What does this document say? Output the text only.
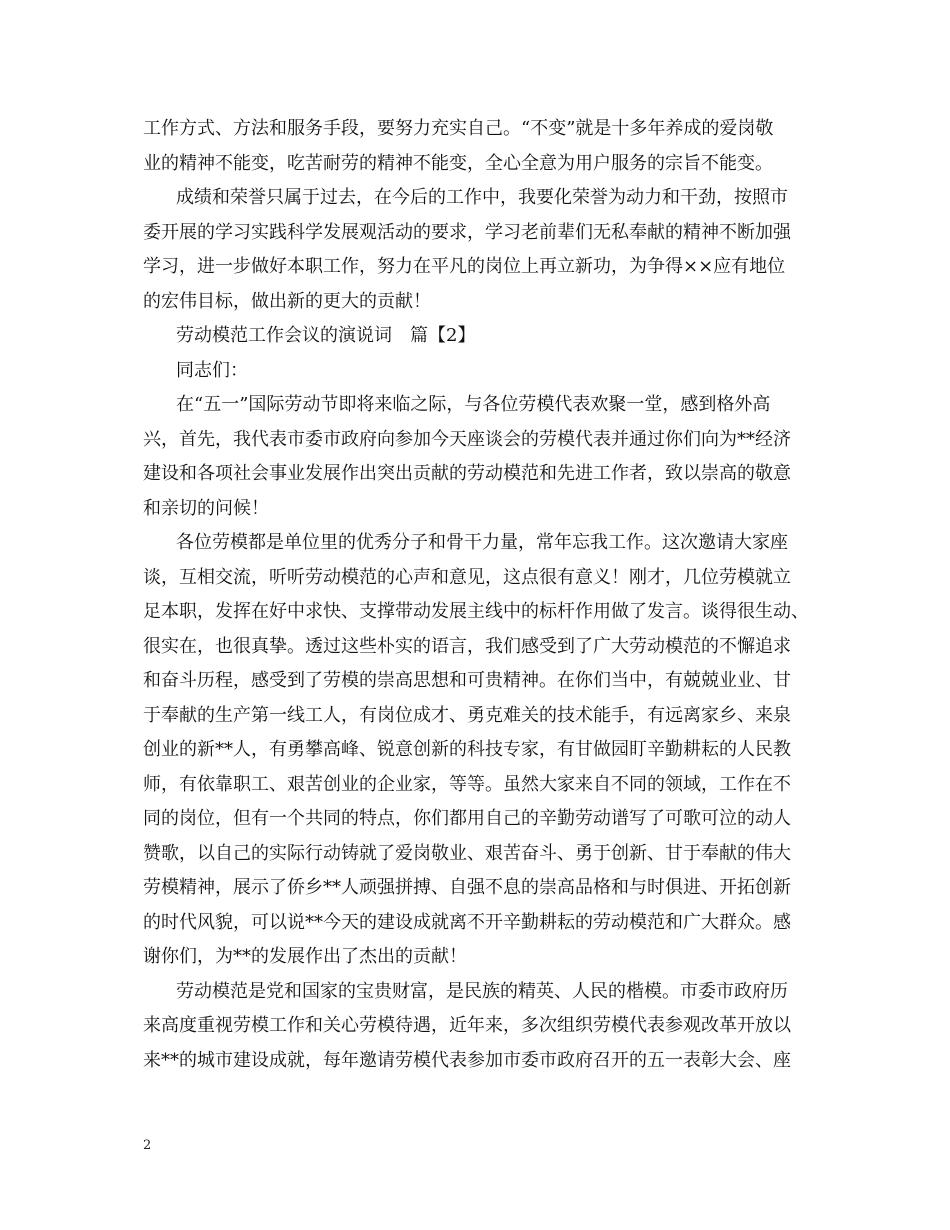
工作方式、方法和服务手段，要努力充实自己。“不变”就是十多年养成的爱岗敬
业的精神不能变，吃苦耐劳的精神不能变，全心全意为用户服务的宗旨不能变。
成绩和荣誉只属于过去，在今后的工作中，我要化荣誉为动力和干劲，按照市
委开展的学习实践科学发展观活动的要求，学习老前辈们无私奉献的精神不断加强
学习，进一步做好本职工作，努力在平凡的岗位上再立新功，为争得××应有地位
的宏伟目标，做出新的更大的贡献！
劳动模范工作会议的演说词　篇【2】
同志们：
在“五一”国际劳动节即将来临之际，与各位劳模代表欢聚一堂，感到格外高
兴，首先，我代表市委市政府向参加今天座谈会的劳模代表并通过你们向为**经济
建设和各项社会事业发展作出突出贡献的劳动模范和先进工作者，致以崇高的敬意
和亲切的问候！
各位劳模都是单位里的优秀分子和骨干力量，常年忘我工作。这次邀请大家座
谈，互相交流，听听劳动模范的心声和意见，这点很有意义！刚才，几位劳模就立
足本职，发挥在好中求快、支撑带动发展主线中的标杆作用做了发言。谈得很生动、
很实在，也很真挚。透过这些朴实的语言，我们感受到了广大劳动模范的不懈追求
和奋斗历程，感受到了劳模的崇高思想和可贵精神。在你们当中，有兢兢业业、甘
于奉献的生产第一线工人，有岗位成才、勇克难关的技术能手，有远离家乡、来泉
创业的新**人，有勇攀高峰、锐意创新的科技专家，有甘做园盯辛勤耕耘的人民教
师，有依靠职工、艰苦创业的企业家，等等。虽然大家来自不同的领域，工作在不
同的岗位，但有一个共同的特点，你们都用自己的辛勤劳动谱写了可歌可泣的动人
赞歌，以自己的实际行动铸就了爱岗敬业、艰苦奋斗、勇于创新、甘于奉献的伟大
劳模精神，展示了侨乡**人顽强拼搏、自强不息的崇高品格和与时俱进、开拓创新
的时代风貌，可以说**今天的建设成就离不开辛勤耕耘的劳动模范和广大群众。感
谢你们，为**的发展作出了杰出的贡献！
劳动模范是党和国家的宝贵财富，是民族的精英、人民的楷模。市委市政府历
来高度重视劳模工作和关心劳模待遇，近年来，多次组织劳模代表参观改革开放以
来**的城市建设成就，每年邀请劳模代表参加市委市政府召开的五一表彰大会、座
2
